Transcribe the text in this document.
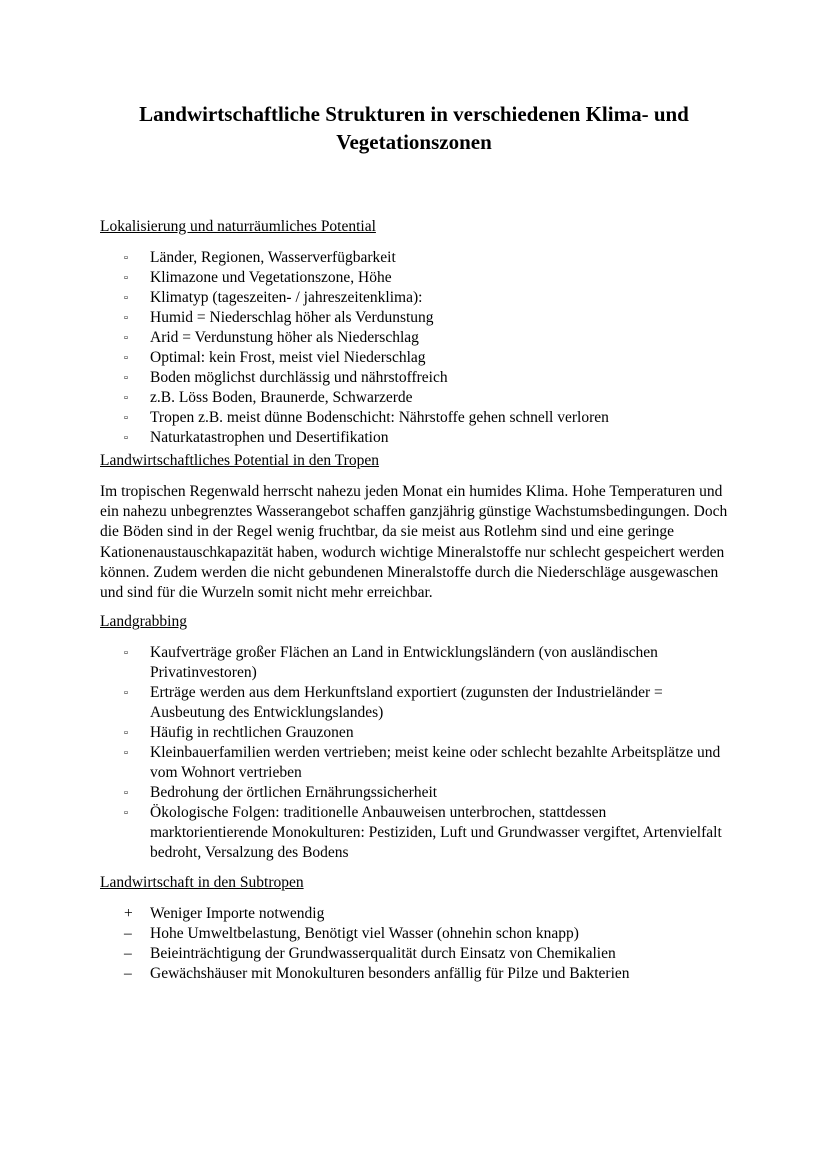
Landwirtschaftliche Strukturen in verschiedenen Klima- und
Vegetationszonen

Lokalisierung und naturräumliches Potential

▫	Länder, Regionen, Wasserverfügbarkeit
▫	Klimazone und Vegetationszone, Höhe
▫	Klimatyp (tageszeiten- / jahreszeitenklima):
▫	Humid = Niederschlag höher als Verdunstung
▫	Arid = Verdunstung höher als Niederschlag
▫	Optimal: kein Frost, meist viel Niederschlag
▫	Boden möglichst durchlässig und nährstoffreich
▫	z.B. Löss Boden, Braunerde, Schwarzerde
▫	Tropen z.B. meist dünne Bodenschicht: Nährstoffe gehen schnell verloren
▫	Naturkatastrophen und Desertifikation

Landwirtschaftliches Potential in den Tropen

Im tropischen Regenwald herrscht nahezu jeden Monat ein humides Klima. Hohe Temperaturen und ein nahezu unbegrenztes Wasserangebot schaffen ganzjährig günstige Wachstumsbedingungen. Doch die Böden sind in der Regel wenig fruchtbar, da sie meist aus Rotlehm sind und eine geringe Kationenaustauschkapazität haben, wodurch wichtige Mineralstoffe nur schlecht gespeichert werden können. Zudem werden die nicht gebundenen Mineralstoffe durch die Niederschläge ausgewaschen und sind für die Wurzeln somit nicht mehr erreichbar.

Landgrabbing

▫	Kaufverträge großer Flächen an Land in Entwicklungsländern (von ausländischen Privatinvestoren)
▫	Erträge werden aus dem Herkunftsland exportiert (zugunsten der Industrieländer = Ausbeutung des Entwicklungslandes)
▫	Häufig in rechtlichen Grauzonen
▫	Kleinbauerfamilien werden vertrieben; meist keine oder schlecht bezahlte Arbeitsplätze und vom Wohnort vertrieben
▫	Bedrohung der örtlichen Ernährungssicherheit
▫	Ökologische Folgen: traditionelle Anbauweisen unterbrochen, stattdessen marktorientierende Monokulturen: Pestiziden, Luft und Grundwasser vergiftet, Artenvielfalt bedroht, Versalzung des Bodens

Landwirtschaft in den Subtropen

+	Weniger Importe notwendig
–	Hohe Umweltbelastung, Benötigt viel Wasser (ohnehin schon knapp)
–	Beieinträchtigung der Grundwasserqualität durch Einsatz von Chemikalien
–	Gewächshäuser mit Monokulturen besonders anfällig für Pilze und Bakterien
